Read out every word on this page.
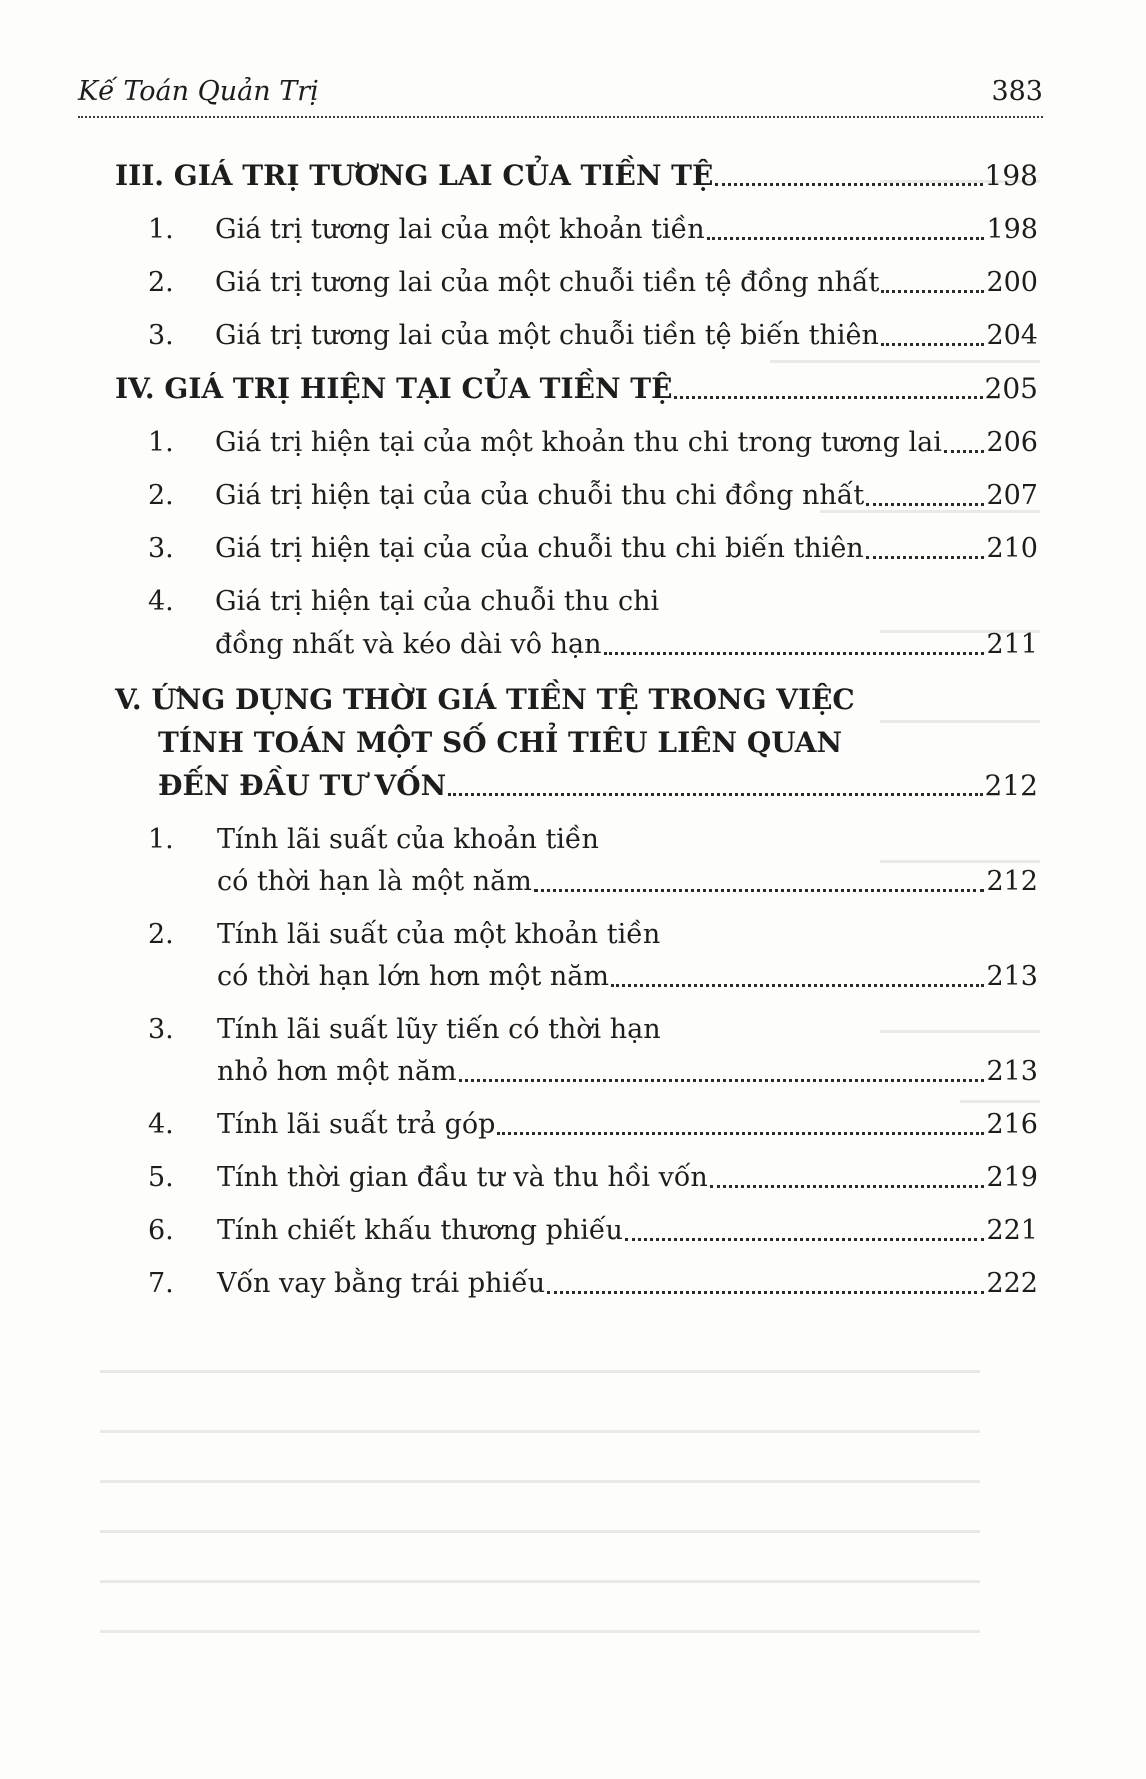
Kế Toán Quản Trị	383
III. GIÁ TRỊ TƯƠNG LAI CỦA TIỀN TỆ	198
1. Giá trị tương lai của một khoản tiền	198
2. Giá trị tương lai của một chuỗi tiền tệ đồng nhất	200
3. Giá trị tương lai của một chuỗi tiền tệ biến thiên	204
IV. GIÁ TRỊ HIỆN TẠI CỦA TIỀN TỆ	205
1. Giá trị hiện tại của một khoản thu chi trong tương lai 206
2. Giá trị hiện tại của của chuỗi thu chi đồng nhất	207
3. Giá trị hiện tại của của chuỗi thu chi biến thiên	210
4. Giá trị hiện tại của chuỗi thu chi
đồng nhất và kéo dài vô hạn	211
V. ỨNG DỤNG THỜI GIÁ TIỀN TỆ TRONG VIỆC
TÍNH TOÁN MỘT SỐ CHỈ TIÊU LIÊN QUAN
ĐẾN ĐẦU TƯ VỐN	212
1. Tính lãi suất của khoản tiền
có thời hạn là một năm	212
2. Tính lãi suất của một khoản tiền
có thời hạn lớn hơn một năm	213
3. Tính lãi suất lũy tiến có thời hạn
nhỏ hơn một năm	213
4. Tính lãi suất trả góp	216
5. Tính thời gian đầu tư và thu hồi vốn	219
6. Tính chiết khấu thương phiếu	221
7. Vốn vay bằng trái phiếu	222
